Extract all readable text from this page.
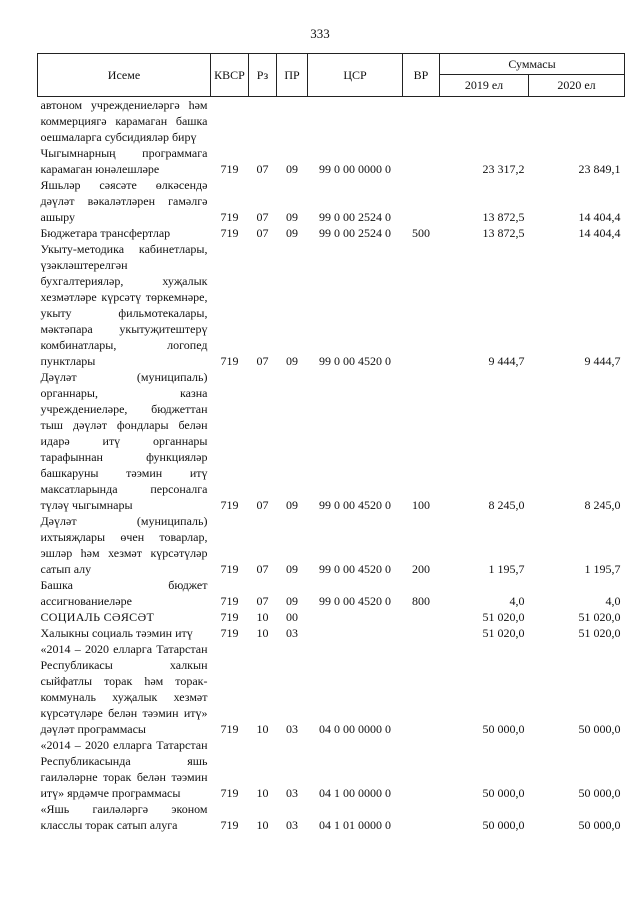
333
Исеме	КВСР	Рз	ПР	ЦСР	ВР	Суммасы	
						2019 ел	2020 ел
автоном учреждениеләргә һәм коммерциягә карамаган башка оешмаларга субсидияләр бирү							
Чыгымнарның программага карамаган юнәлешләре	719	07	09	99 0 00 0000 0		23 317,2	23 849,1
Яшьләр сәясәте өлкәсендә дәүләт вәкаләтләрен гамәлгә ашыру	719	07	09	99 0 00 2524 0		13 872,5	14 404,4
Бюджетара трансфертлар	719	07	09	99 0 00 2524 0	500	13 872,5	14 404,4
Укыту-методика кабинетлары, үзәкләштерелгән бухгалтерияләр, хуҗалык хезмәтләре күрсәтү төркемнәре, укыту фильмотекалары, мәктәпара укытуҗитештерү комбинатлары, логопед пунктлары	719	07	09	99 0 00 4520 0		9 444,7	9 444,7
Дәүләт (муниципаль) органнары, казна учреждениеләре, бюджеттан тыш дәүләт фондлары белән идарә итү органнары тарафыннан функцияләр башкаруны тәэмин итү максатларында персоналга түләү чыгымнары	719	07	09	99 0 00 4520 0	100	8 245,0	8 245,0
Дәүләт (муниципаль) ихтыяҗлары өчен товарлар, эшләр һәм хезмәт күрсәтүләр сатып алу	719	07	09	99 0 00 4520 0	200	1 195,7	1 195,7
Башка бюджет ассигнованиеләре	719	07	09	99 0 00 4520 0	800	4,0	4,0
СОЦИАЛЬ СӘЯСӘТ	719	10	00			51 020,0	51 020,0
Халыкны социаль тәэмин итү	719	10	03			51 020,0	51 020,0
«2014 – 2020 елларга Татарстан Республикасы халкын сыйфатлы торак һәм торак-коммуналь хуҗалык хезмәт күрсәтүләре белән тәэмин итү» дәүләт программасы	719	10	03	04 0 00 0000 0		50 000,0	50 000,0
«2014 – 2020 елларга Татарстан Республикасында яшь гаиләләрне торак белән тәэмин итү» ярдәмче программасы	719	10	03	04 1 00 0000 0		50 000,0	50 000,0
«Яшь гаиләләргә эконом класслы торак сатып алуга	719	10	03	04 1 01 0000 0		50 000,0	50 000,0
